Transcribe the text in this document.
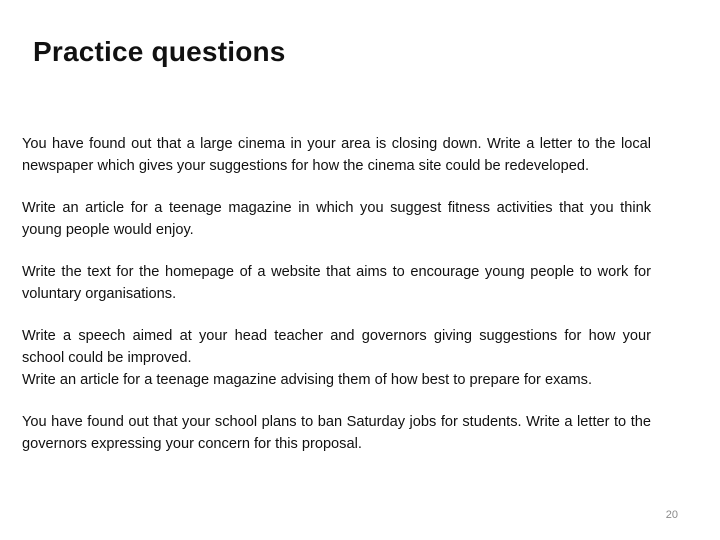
Practice questions

You have found out that a large cinema in your area is closing down. Write a letter to the local newspaper which gives your suggestions for how the cinema site could be redeveloped.

Write an article for a teenage magazine in which you suggest fitness activities that you think young people would enjoy.

Write the text for the homepage of a website that aims to encourage young people to work for voluntary organisations.

Write a speech aimed at your head teacher and governors giving suggestions for how your school could be improved.

Write an article for a teenage magazine advising them of how best to prepare for exams.

You have found out that your school plans to ban Saturday jobs for students. Write a letter to the governors expressing your concern for this proposal.

20
